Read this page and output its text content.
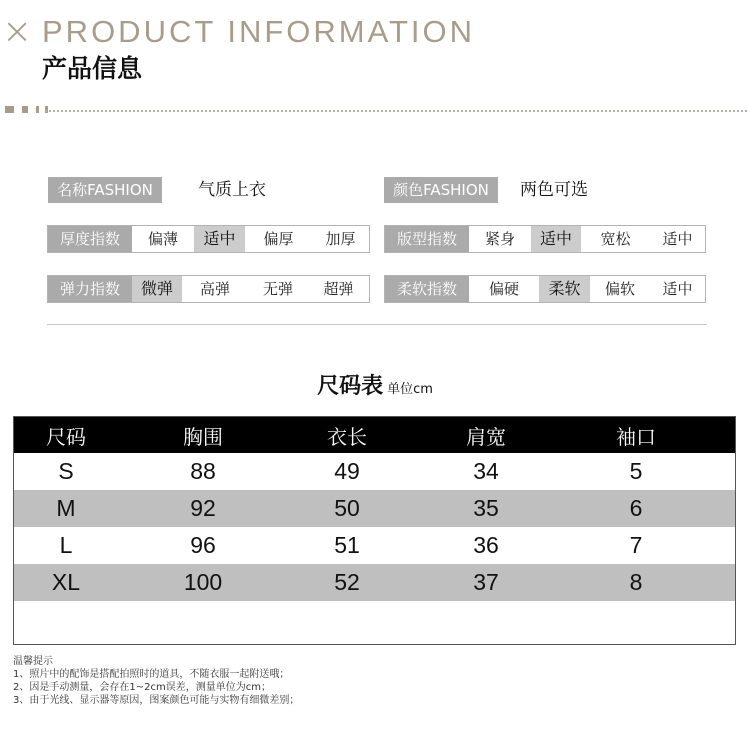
× PRODUCT INFORMATION
产品信息
名称FASHION	气质上衣	颜色FASHION	两色可选
厚度指数	偏薄	适中	偏厚	加厚	版型指数	紧身	适中	宽松	适中
弹力指数	微弹	高弹	无弹	超弹	柔软指数	偏硬	柔软	偏软	适中
尺码表 单位cm
尺码	胸围	衣长	肩宽	袖口
S	88	49	34	5
M	92	50	35	6
L	96	51	36	7
XL	100	52	37	8
温馨提示
1、照片中的配饰是搭配拍照时的道具，不随衣服一起附送哦；
2、因是手动测量，会存在1~2cm误差，测量单位为cm；
3、由于光线、显示器等原因，图案颜色可能与实物有细微差别；
